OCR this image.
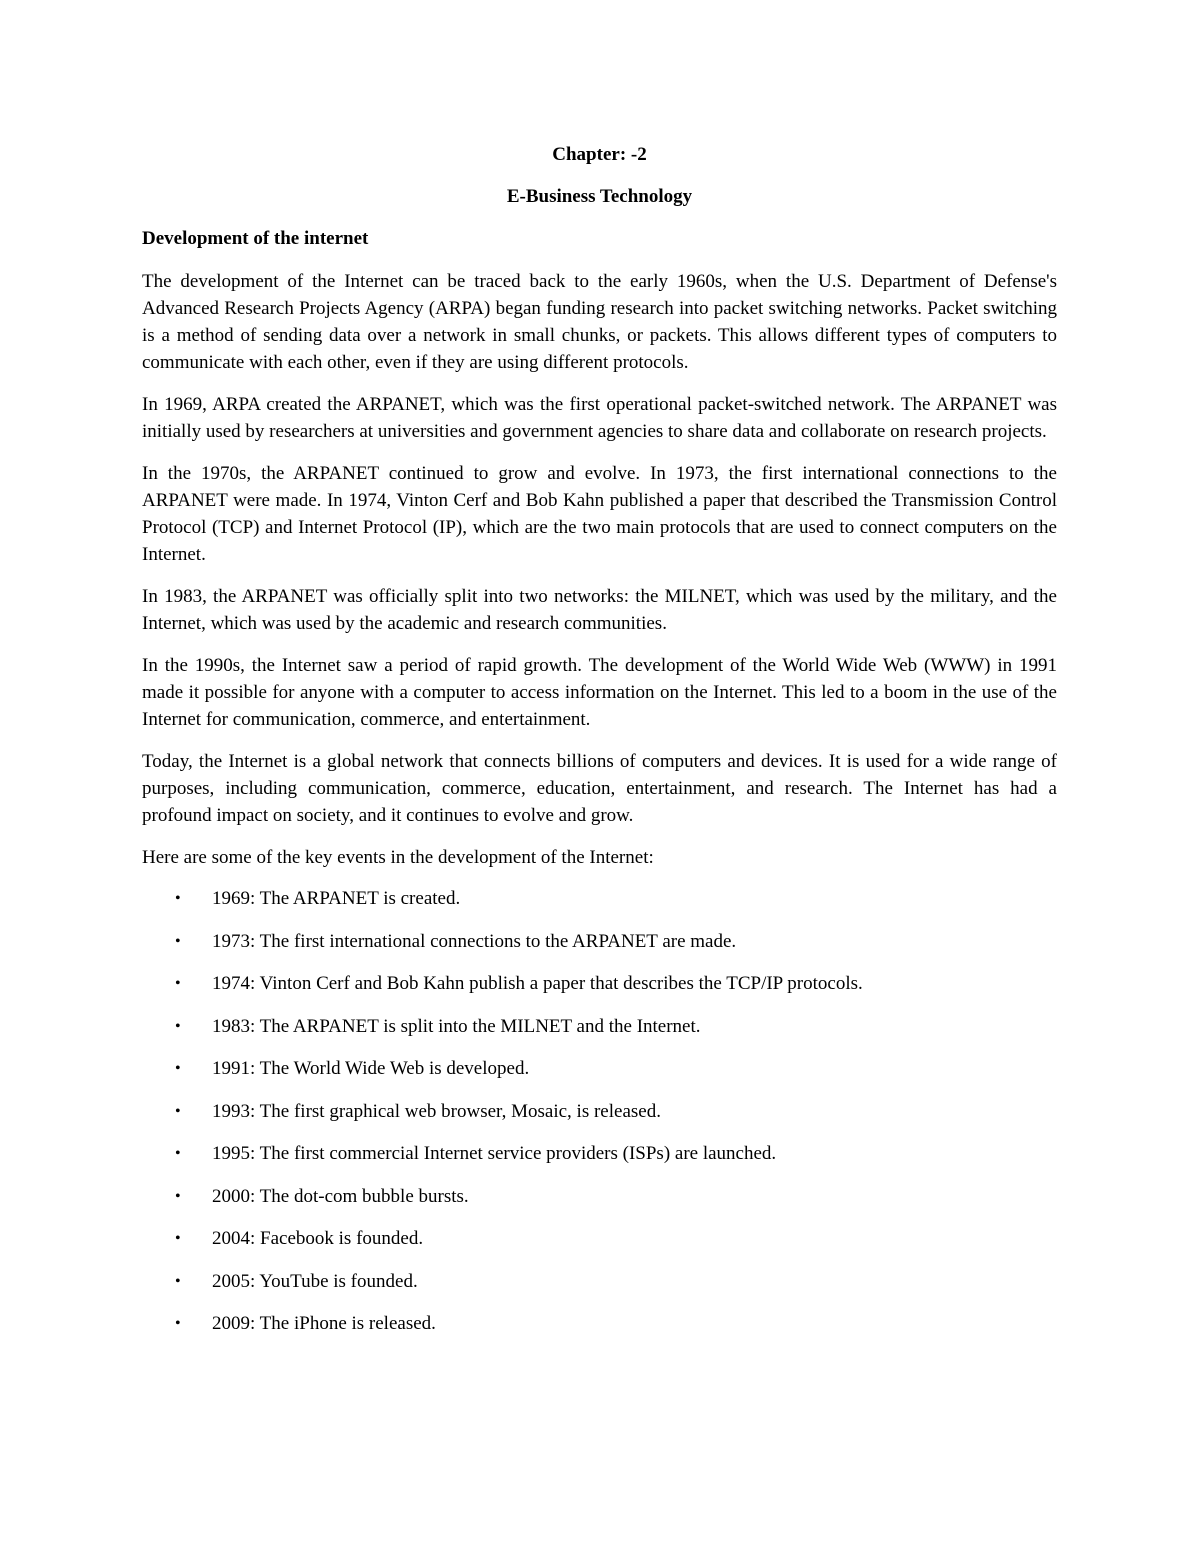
Chapter: -2
E-Business Technology
Development of the internet

The development of the Internet can be traced back to the early 1960s, when the U.S. Department of Defense's Advanced Research Projects Agency (ARPA) began funding research into packet switching networks. Packet switching is a method of sending data over a network in small chunks, or packets. This allows different types of computers to communicate with each other, even if they are using different protocols.

In 1969, ARPA created the ARPANET, which was the first operational packet-switched network. The ARPANET was initially used by researchers at universities and government agencies to share data and collaborate on research projects.

In the 1970s, the ARPANET continued to grow and evolve. In 1973, the first international connections to the ARPANET were made. In 1974, Vinton Cerf and Bob Kahn published a paper that described the Transmission Control Protocol (TCP) and Internet Protocol (IP), which are the two main protocols that are used to connect computers on the Internet.

In 1983, the ARPANET was officially split into two networks: the MILNET, which was used by the military, and the Internet, which was used by the academic and research communities.

In the 1990s, the Internet saw a period of rapid growth. The development of the World Wide Web (WWW) in 1991 made it possible for anyone with a computer to access information on the Internet. This led to a boom in the use of the Internet for communication, commerce, and entertainment.

Today, the Internet is a global network that connects billions of computers and devices. It is used for a wide range of purposes, including communication, commerce, education, entertainment, and research. The Internet has had a profound impact on society, and it continues to evolve and grow.

Here are some of the key events in the development of the Internet:

• 1969: The ARPANET is created.
• 1973: The first international connections to the ARPANET are made.
• 1974: Vinton Cerf and Bob Kahn publish a paper that describes the TCP/IP protocols.
• 1983: The ARPANET is split into the MILNET and the Internet.
• 1991: The World Wide Web is developed.
• 1993: The first graphical web browser, Mosaic, is released.
• 1995: The first commercial Internet service providers (ISPs) are launched.
• 2000: The dot-com bubble bursts.
• 2004: Facebook is founded.
• 2005: YouTube is founded.
• 2009: The iPhone is released.
